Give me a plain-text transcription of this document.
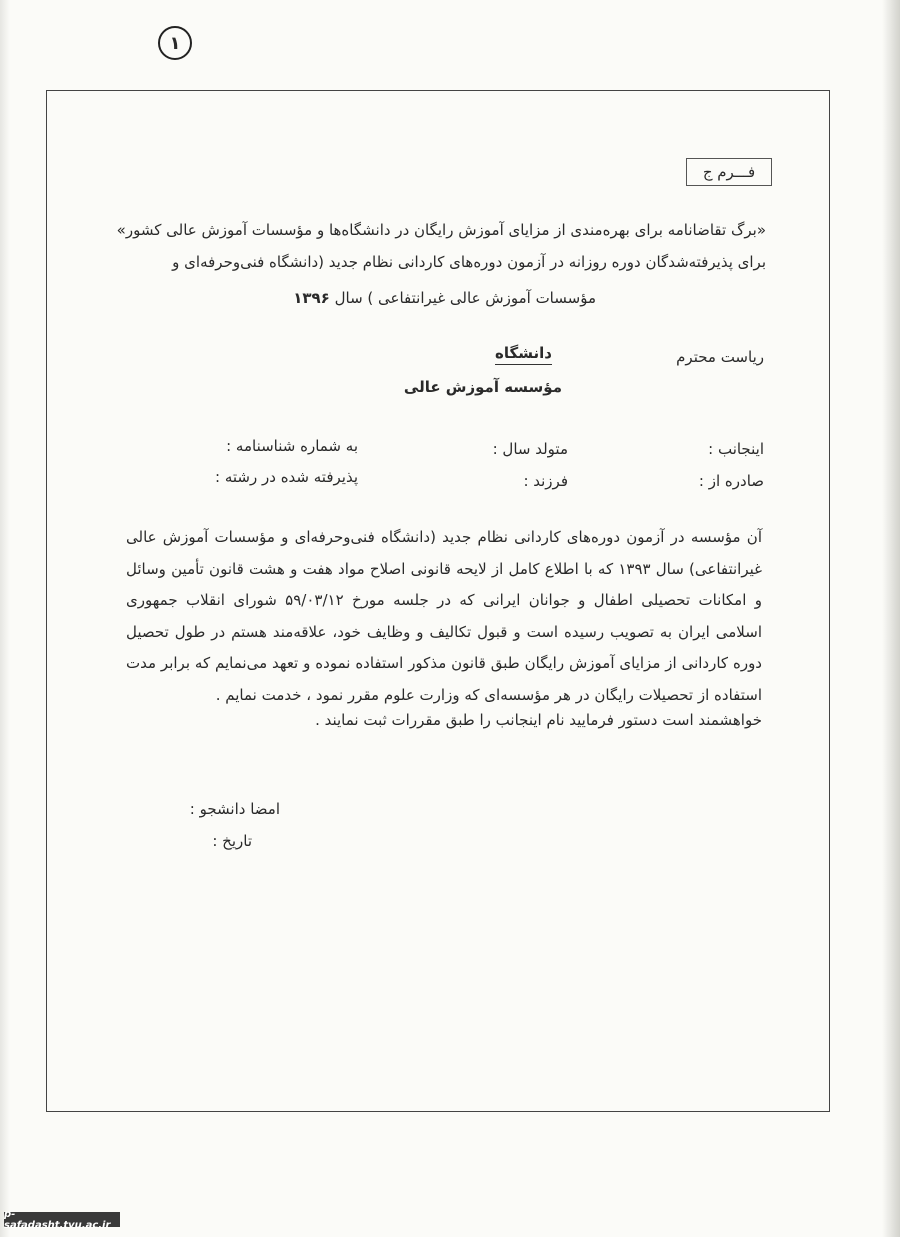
۱
فـــرم ج
«برگ تقاضانامه برای بهره‌مندی از مزایای آموزش رایگان در دانشگاه‌ها و مؤسسات آموزش عالی کشور»
برای پذیرفته‌شدگان دوره روزانه در آزمون دوره‌های کاردانی نظام جدید (دانشگاه فنی‌وحرفه‌ای و
مؤسسات آموزش عالی غیرانتفاعی ) سال ۱۳۹۶
ریاست محترم
دانشگاه
مؤسسه آموزش عالی
اینجانب :
متولد سال :
به شماره شناسنامه :
صادره از :
فرزند :
پذیرفته شده در رشته :
آن مؤسسه در آزمون دوره‌های کاردانی نظام جدید (دانشگاه فنی‌وحرفه‌ای و مؤسسات آموزش عالی غیرانتفاعی) سال ۱۳۹۳ که با اطلاع کامل از لایحه قانونی اصلاح مواد هفت و هشت قانون تأمین وسائل و امکانات تحصیلی اطفال و جوانان ایرانی که در جلسه مورخ ۵۹/۰۳/۱۲ شورای انقلاب جمهوری اسلامی ایران به تصویب رسیده است و قبول تکالیف و وظایف خود، علاقه‌مند هستم در طول تحصیل دوره کاردانی از مزایای آموزش رایگان طبق قانون مذکور استفاده نموده و تعهد می‌نمایم که برابر مدت استفاده از تحصیلات رایگان در هر مؤسسه‌ای که وزارت علوم مقرر نمود ، خدمت نمایم .
خواهشمند است دستور فرمایید نام اینجانب را طبق مقررات ثبت نمایند .
امضا دانشجو :
تاریخ :
p-safadasht.tvu.ac.ir
